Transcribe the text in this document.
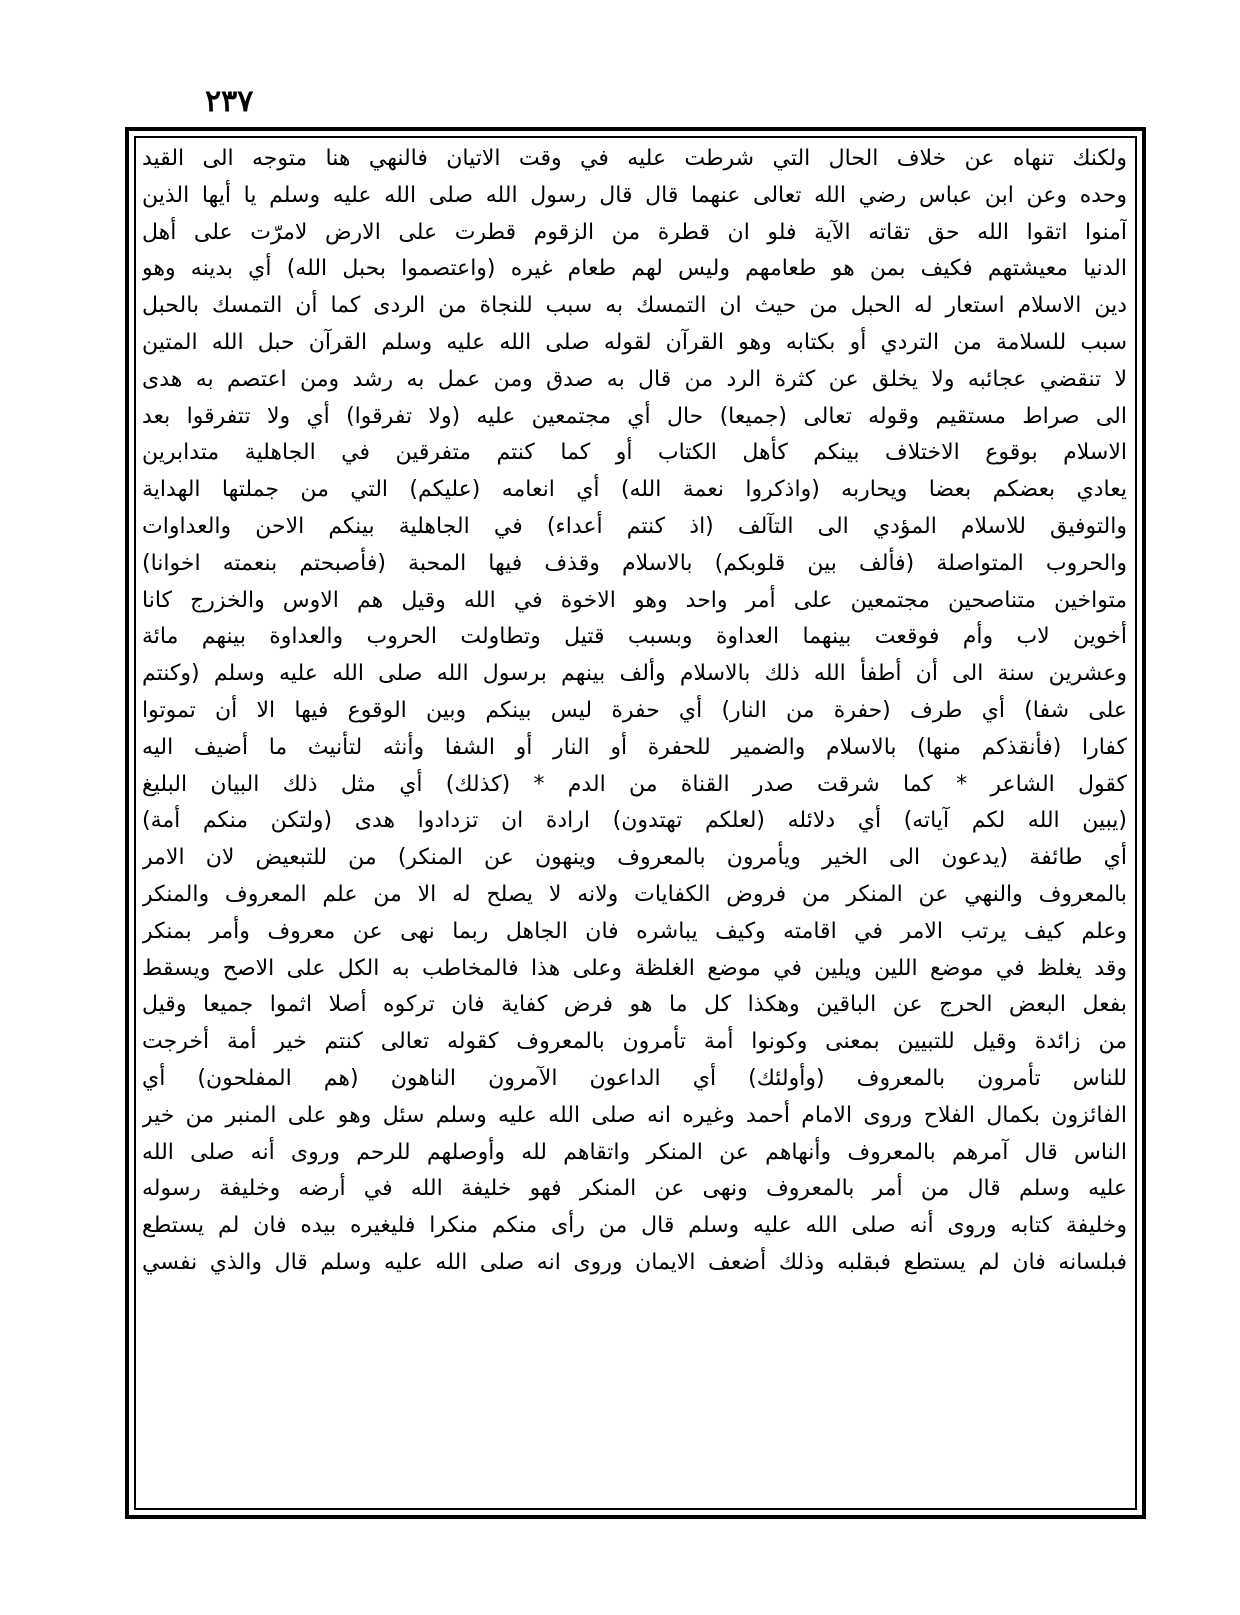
٢٣٧
ولكنك تنهاه عن خلاف الحال التي شرطت عليه في وقت الاتيان فالنهي هنا متوجه الى القيد
وحده وعن ابن عباس رضي الله تعالى عنهما قال قال رسول الله صلى الله عليه وسلم يا أيها الذين
آمنوا اتقوا الله حق تقاته الآية فلو ان قطرة من الزقوم قطرت على الارض لامرّت على أهل
الدنيا معيشتهم فكيف بمن هو طعامهم وليس لهم طعام غيره (واعتصموا بحبل الله) أي بدينه وهو
دين الاسلام استعار له الحبل من حيث ان التمسك به سبب للنجاة من الردى كما أن التمسك بالحبل
سبب للسلامة من التردي أو بكتابه وهو القرآن لقوله صلى الله عليه وسلم القرآن حبل الله المتين
لا تنقضي عجائبه ولا يخلق عن كثرة الرد من قال به صدق ومن عمل به رشد ومن اعتصم به هدى
الى صراط مستقيم وقوله تعالى (جميعا) حال أي مجتمعين عليه (ولا تفرقوا) أي ولا تتفرقوا بعد
الاسلام بوقوع الاختلاف بينكم كأهل الكتاب أو كما كنتم متفرقين في الجاهلية متدابرين
يعادي بعضكم بعضا ويحاربه (واذكروا نعمة الله) أي انعامه (عليكم) التي من جملتها الهداية
والتوفيق للاسلام المؤدي الى التآلف (اذ كنتم أعداء) في الجاهلية بينكم الاحن والعداوات
والحروب المتواصلة (فألف بين قلوبكم) بالاسلام وقذف فيها المحبة (فأصبحتم بنعمته اخوانا)
متواخين متناصحين مجتمعين على أمر واحد وهو الاخوة في الله وقيل هم الاوس والخزرج كانا
أخوين لاب وأم فوقعت بينهما العداوة وبسبب قتيل وتطاولت الحروب والعداوة بينهم مائة
وعشرين سنة الى أن أطفأ الله ذلك بالاسلام وألف بينهم برسول الله صلى الله عليه وسلم (وكنتم
على شفا) أي طرف (حفرة من النار) أي حفرة ليس بينكم وبين الوقوع فيها الا أن تموتوا
كفارا (فأنقذكم منها) بالاسلام والضمير للحفرة أو النار أو الشفا وأنثه لتأنيث ما أضيف اليه
كقول الشاعر * كما شرقت صدر القناة من الدم * (كذلك) أي مثل ذلك البيان البليغ
(يبين الله لكم آياته) أي دلائله (لعلكم تهتدون) ارادة ان تزدادوا هدى (ولتكن منكم أمة)
أي طائفة (يدعون الى الخير ويأمرون بالمعروف وينهون عن المنكر) من للتبعيض لان الامر
بالمعروف والنهي عن المنكر من فروض الكفايات ولانه لا يصلح له الا من علم المعروف والمنكر
وعلم كيف يرتب الامر في اقامته وكيف يباشره فان الجاهل ربما نهى عن معروف وأمر بمنكر
وقد يغلظ في موضع اللين ويلين في موضع الغلظة وعلى هذا فالمخاطب به الكل على الاصح ويسقط
بفعل البعض الحرج عن الباقين وهكذا كل ما هو فرض كفاية فان تركوه أصلا اثموا جميعا وقيل
من زائدة وقيل للتبيين بمعنى وكونوا أمة تأمرون بالمعروف كقوله تعالى كنتم خير أمة أخرجت
للناس تأمرون بالمعروف (وأولئك) أي الداعون الآمرون الناهون (هم المفلحون) أي
الفائزون بكمال الفلاح وروى الامام أحمد وغيره انه صلى الله عليه وسلم سئل وهو على المنبر من خير
الناس قال آمرهم بالمعروف وأنهاهم عن المنكر واتقاهم لله وأوصلهم للرحم وروى أنه صلى الله
عليه وسلم قال من أمر بالمعروف ونهى عن المنكر فهو خليفة الله في أرضه وخليفة رسوله
وخليفة كتابه وروى أنه صلى الله عليه وسلم قال من رأى منكم منكرا فليغيره بيده فان لم يستطع
فبلسانه فان لم يستطع فبقلبه وذلك أضعف الايمان وروى انه صلى الله عليه وسلم قال والذي نفسي
